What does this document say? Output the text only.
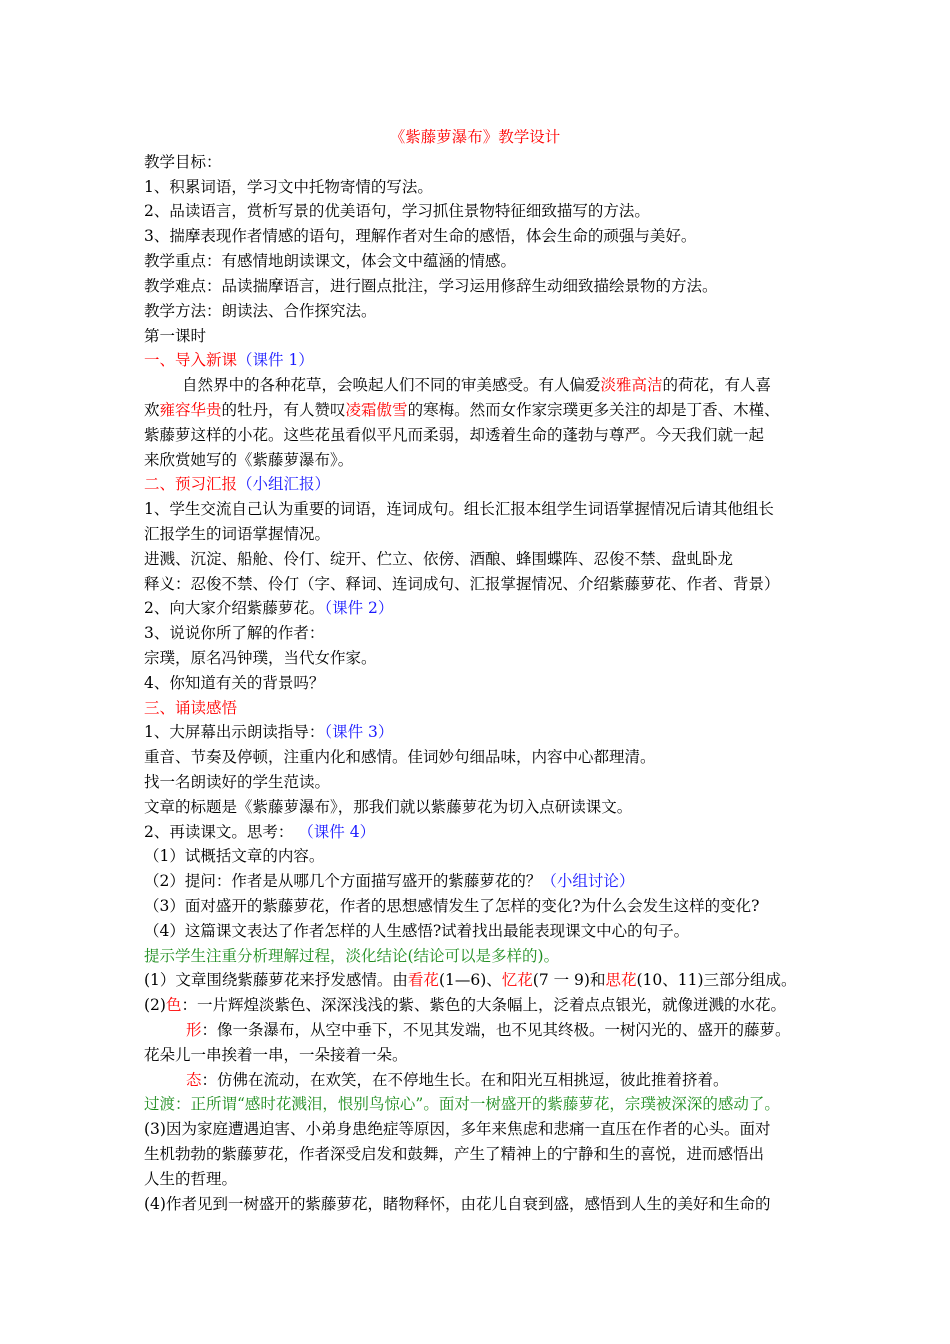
《紫藤萝瀑布》教学设计
教学目标：
1、积累词语，学习文中托物寄情的写法。
2、品读语言，赏析写景的优美语句，学习抓住景物特征细致描写的方法。
3、揣摩表现作者情感的语句，理解作者对生命的感悟，体会生命的顽强与美好。
教学重点：有感情地朗读课文，体会文中蕴涵的情感。
教学难点：品读揣摩语言，进行圈点批注，学习运用修辞生动细致描绘景物的方法。
教学方法：朗读法、合作探究法。
第一课时
一、导入新课（课件 1）
自然界中的各种花草，会唤起人们不同的审美感受。有人偏爱淡雅高洁的荷花，有人喜
欢雍容华贵的牡丹，有人赞叹凌霜傲雪的寒梅。然而女作家宗璞更多关注的却是丁香、木槿、
紫藤萝这样的小花。这些花虽看似平凡而柔弱，却透着生命的蓬勃与尊严。今天我们就一起
来欣赏她写的《紫藤萝瀑布》。
二、预习汇报（小组汇报）
1、学生交流自己认为重要的词语，连词成句。组长汇报本组学生词语掌握情况后请其他组长
汇报学生的词语掌握情况。
进溅、沉淀、船舱、伶仃、绽开、伫立、依傍、酒酿、蜂围蝶阵、忍俊不禁、盘虬卧龙
释义：忍俊不禁、伶仃（字、释词、连词成句、汇报掌握情况、介绍紫藤萝花、作者、背景）
2、向大家介绍紫藤萝花。（课件 2）
3、说说你所了解的作者：
宗璞，原名冯钟璞，当代女作家。
4、你知道有关的背景吗？
三、诵读感悟
1、大屏幕出示朗读指导：（课件 3）
重音、节奏及停顿，注重内化和感情。佳词妙句细品味，内容中心都理清。
找一名朗读好的学生范读。
文章的标题是《紫藤萝瀑布》，那我们就以紫藤萝花为切入点研读课文。
2、再读课文。思考： （课件 4）
（1）试概括文章的内容。
（2）提问：作者是从哪几个方面描写盛开的紫藤萝花的？（小组讨论）
（3）面对盛开的紫藤萝花，作者的思想感情发生了怎样的变化?为什么会发生这样的变化?
（4）这篇课文表达了作者怎样的人生感悟?试着找出最能表现课文中心的句子。
提示学生注重分析理解过程，淡化结论(结论可以是多样的)。
(1）文章围绕紫藤萝花来抒发感情。由看花(1—6)、忆花(7 一 9)和思花(10、11)三部分组成。
(2)色：一片辉煌淡紫色、深深浅浅的紫、紫色的大条幅上，泛着点点银光，就像迸溅的水花。
形：像一条瀑布，从空中垂下，不见其发端，也不见其终极。一树闪光的、盛开的藤萝。
花朵儿一串挨着一串，一朵接着一朵。
态：仿佛在流动，在欢笑，在不停地生长。在和阳光互相挑逗，彼此推着挤着。
过渡：正所谓“感时花溅泪，恨别鸟惊心”。面对一树盛开的紫藤萝花，宗璞被深深的感动了。
(3)因为家庭遭遇迫害、小弟身患绝症等原因，多年来焦虑和悲痛一直压在作者的心头。面对
生机勃勃的紫藤萝花，作者深受启发和鼓舞，产生了精神上的宁静和生的喜悦，进而感悟出
人生的哲理。
(4)作者见到一树盛开的紫藤萝花，睹物释怀，由花儿自衰到盛，感悟到人生的美好和生命的
